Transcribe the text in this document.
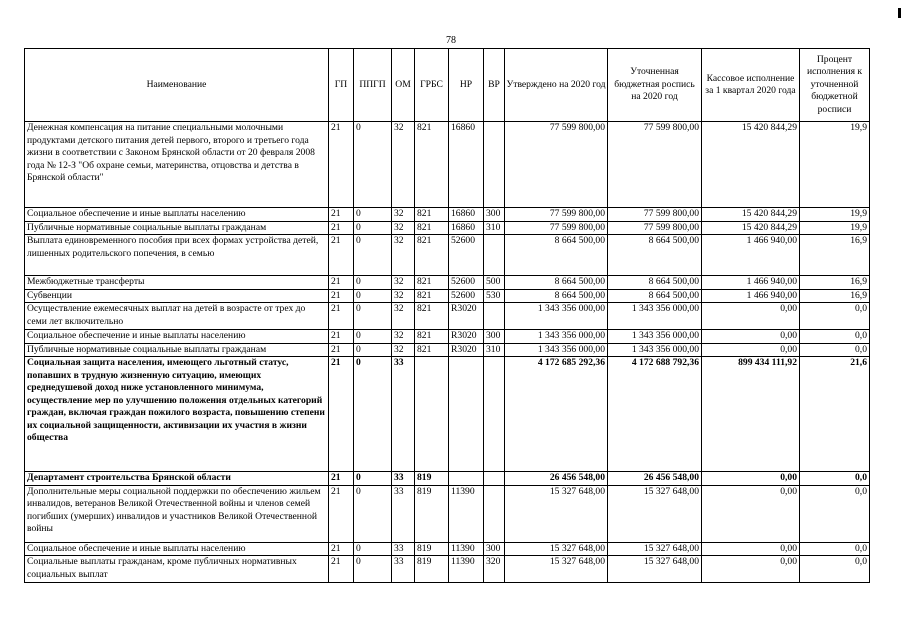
78
Наименование	ГП	ППГП	ОМ	ГРБС	НР	ВР	Утверждено на 2020 год	Уточненная бюджетная роспись на 2020 год	Кассовое исполнение за 1 квартал 2020 года	Процент исполнения к уточненной бюджетной росписи
Денежная компенсация на питание специальными молочными продуктами детского питания детей первого, второго и третьего года жизни в соответствии с Законом Брянской области от 20 февраля 2008 года № 12-З "Об охране семьи, материнства, отцовства и детства в Брянской области"	21	0	32	821	16860		77 599 800,00	77 599 800,00	15 420 844,29	19,9
Социальное обеспечение и иные выплаты населению	21	0	32	821	16860	300	77 599 800,00	77 599 800,00	15 420 844,29	19,9
Публичные нормативные социальные выплаты гражданам	21	0	32	821	16860	310	77 599 800,00	77 599 800,00	15 420 844,29	19,9
Выплата единовременного пособия при всех формах устройства детей, лишенных родительского попечения, в семью	21	0	32	821	52600		8 664 500,00	8 664 500,00	1 466 940,00	16,9
Межбюджетные трансферты	21	0	32	821	52600	500	8 664 500,00	8 664 500,00	1 466 940,00	16,9
Субвенции	21	0	32	821	52600	530	8 664 500,00	8 664 500,00	1 466 940,00	16,9
Осуществление ежемесячных выплат на детей в возрасте от трех до семи лет включительно	21	0	32	821	R3020		1 343 356 000,00	1 343 356 000,00	0,00	0,0
Социальное обеспечение и иные выплаты населению	21	0	32	821	R3020	300	1 343 356 000,00	1 343 356 000,00	0,00	0,0
Публичные нормативные социальные выплаты гражданам	21	0	32	821	R3020	310	1 343 356 000,00	1 343 356 000,00	0,00	0,0
Социальная защита населения, имеющего льготный статус, попавших в трудную жизненную ситуацию, имеющих среднедушевой доход ниже установленного минимума, осуществление мер по улучшению положения отдельных категорий граждан, включая граждан пожилого возраста, повышению степени их социальной защищенности, активизации их участия в жизни общества	21	0	33				4 172 685 292,36	4 172 688 792,36	899 434 111,92	21,6
Департамент строительства Брянской области	21	0	33	819			26 456 548,00	26 456 548,00	0,00	0,0
Дополнительные меры социальной поддержки по обеспечению жильем инвалидов, ветеранов Великой Отечественной войны и членов семей погибших (умерших) инвалидов и участников Великой Отечественной войны	21	0	33	819	11390		15 327 648,00	15 327 648,00	0,00	0,0
Социальное обеспечение и иные выплаты населению	21	0	33	819	11390	300	15 327 648,00	15 327 648,00	0,00	0,0
Социальные выплаты гражданам, кроме публичных нормативных социальных выплат	21	0	33	819	11390	320	15 327 648,00	15 327 648,00	0,00	0,0
